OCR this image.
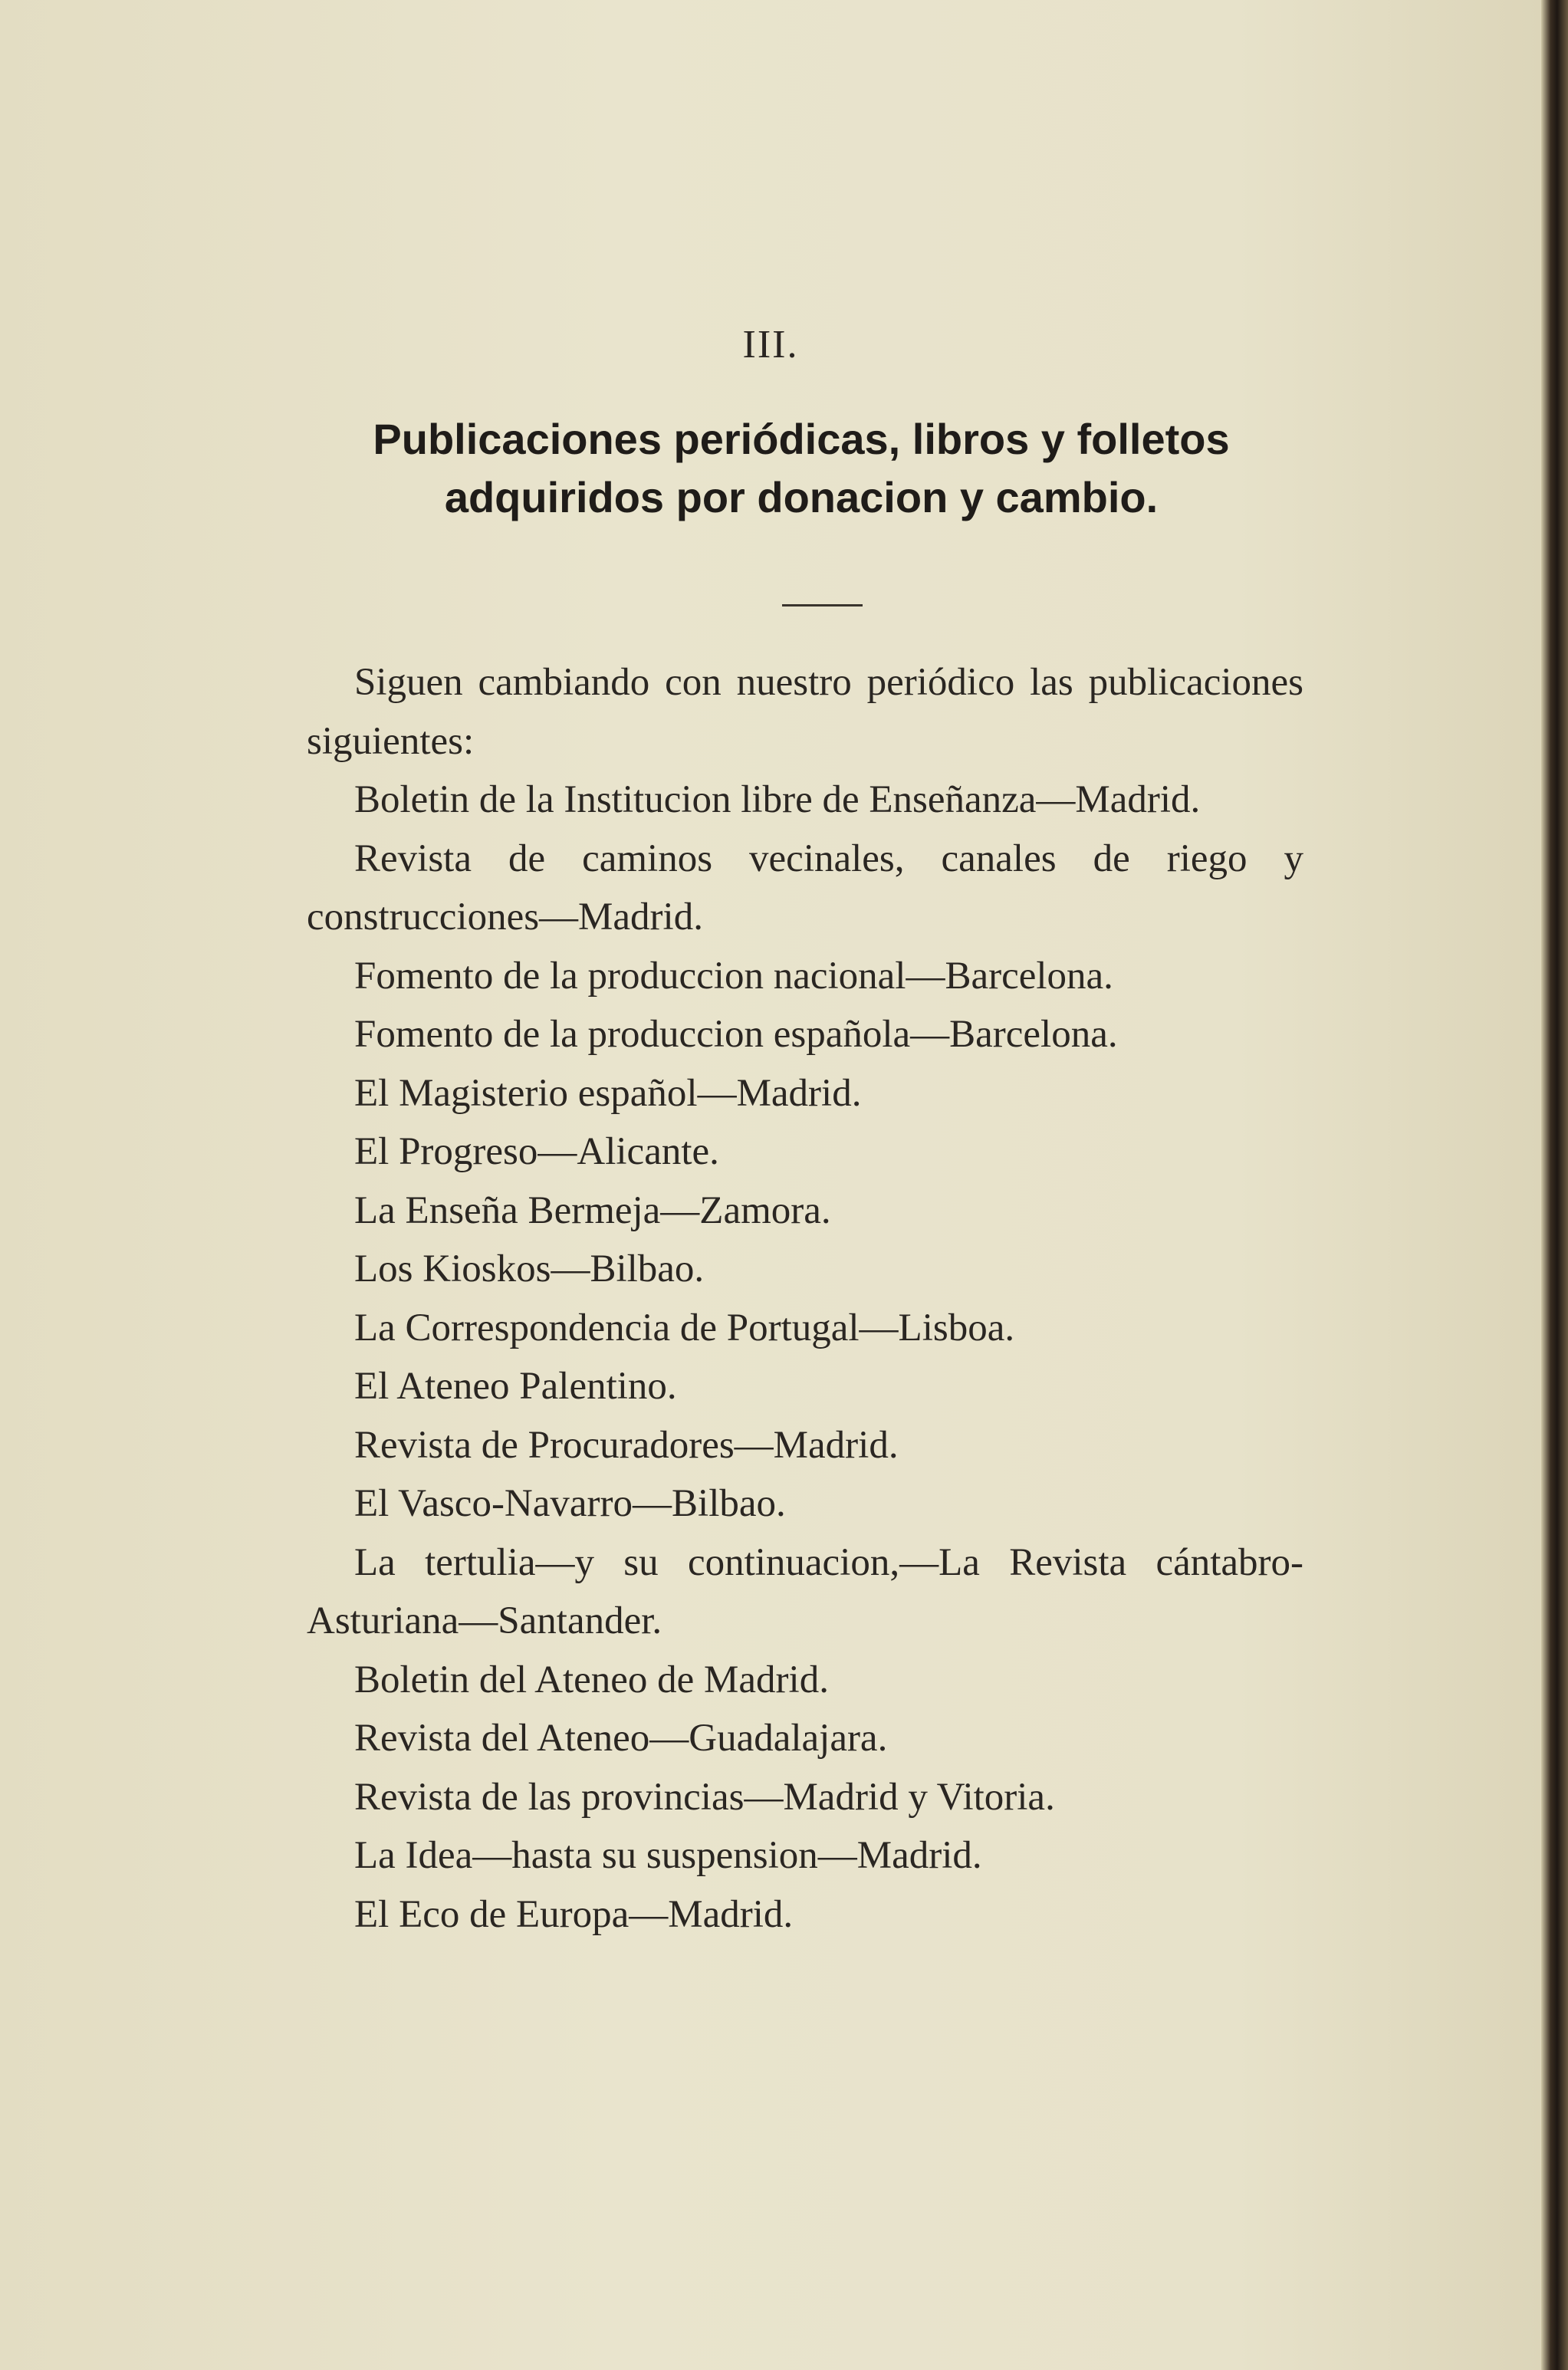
III.
Publicaciones periódicas, libros y folletos adquiridos por donacion y cambio.

Siguen cambiando con nuestro periódico las publicaciones siguientes:

Boletin de la Institucion libre de Enseñanza—Madrid.

Revista de caminos vecinales, canales de riego y construcciones—Madrid.

Fomento de la produccion nacional—Barcelona.

Fomento de la produccion española—Barcelona.

El Magisterio español—Madrid.

El Progreso—Alicante.

La Enseña Bermeja—Zamora.

Los Kioskos—Bilbao.

La Correspondencia de Portugal—Lisboa.

El Ateneo Palentino.

Revista de Procuradores—Madrid.

El Vasco-Navarro—Bilbao.

La tertulia—y su continuacion,—La Revista cántabro-Asturiana—Santander.

Boletin del Ateneo de Madrid.

Revista del Ateneo—Guadalajara.

Revista de las provincias—Madrid y Vitoria.

La Idea—hasta su suspension—Madrid.

El Eco de Europa—Madrid.
